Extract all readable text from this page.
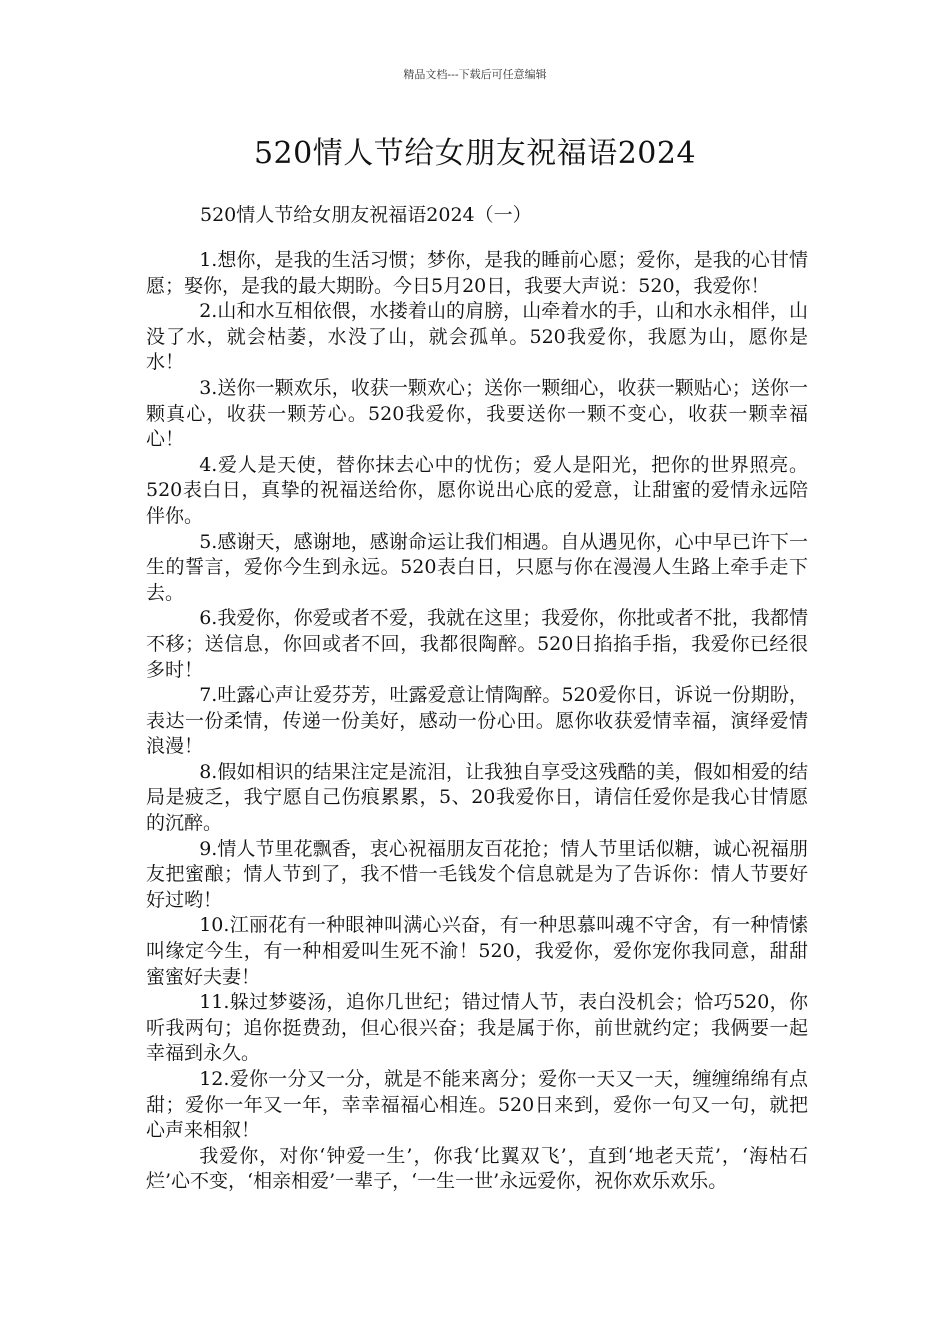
精品文档---下载后可任意编辑
520情人节给女朋友祝福语2024

520情人节给女朋友祝福语2024（一）

1.想你，是我的生活习惯；梦你，是我的睡前心愿；爱你，是我的心甘情愿；娶你，是我的最大期盼。今日5月20日，我要大声说：520，我爱你！

2.山和水互相依偎，水搂着山的肩膀，山牵着水的手，山和水永相伴，山没了水，就会枯萎，水没了山，就会孤单。520我爱你，我愿为山，愿你是水！

3.送你一颗欢乐，收获一颗欢心；送你一颗细心，收获一颗贴心；送你一颗真心，收获一颗芳心。520我爱你，我要送你一颗不变心，收获一颗幸福心！

4.爱人是天使，替你抹去心中的忧伤；爱人是阳光，把你的世界照亮。520表白日，真挚的祝福送给你，愿你说出心底的爱意，让甜蜜的爱情永远陪伴你。

5.感谢天，感谢地，感谢命运让我们相遇。自从遇见你，心中早已许下一生的誓言，爱你今生到永远。520表白日，只愿与你在漫漫人生路上牵手走下去。

6.我爱你，你爱或者不爱，我就在这里；我爱你，你批或者不批，我都情不移；送信息，你回或者不回，我都很陶醉。520日掐掐手指，我爱你已经很多时！

7.吐露心声让爱芬芳，吐露爱意让情陶醉。520爱你日，诉说一份期盼，表达一份柔情，传递一份美好，感动一份心田。愿你收获爱情幸福，演绎爱情浪漫！

8.假如相识的结果注定是流泪，让我独自享受这残酷的美，假如相爱的结局是疲乏，我宁愿自己伤痕累累，5、20我爱你日，请信任爱你是我心甘情愿的沉醉。

9.情人节里花飘香，衷心祝福朋友百花抢；情人节里话似糖，诚心祝福朋友把蜜酿；情人节到了，我不惜一毛钱发个信息就是为了告诉你：情人节要好好过哟！

10.江丽花有一种眼神叫满心兴奋，有一种思慕叫魂不守舍，有一种情愫叫缘定今生，有一种相爱叫生死不渝！520，我爱你，爱你宠你我同意，甜甜蜜蜜好夫妻！

11.躲过梦婆汤，追你几世纪；错过情人节，表白没机会；恰巧520，你听我两句；追你挺费劲，但心很兴奋；我是属于你，前世就约定；我俩要一起幸福到永久。

12.爱你一分又一分，就是不能来离分；爱你一天又一天，缠缠绵绵有点甜；爱你一年又一年，幸幸福福心相连。520日来到，爱你一句又一句，就把心声来相叙！

我爱你，对你‘钟爱一生’，你我‘比翼双飞’，直到‘地老天荒’，‘海枯石烂’心不变，‘相亲相爱’一辈子，‘一生一世’永远爱你，祝你欢乐欢乐。
